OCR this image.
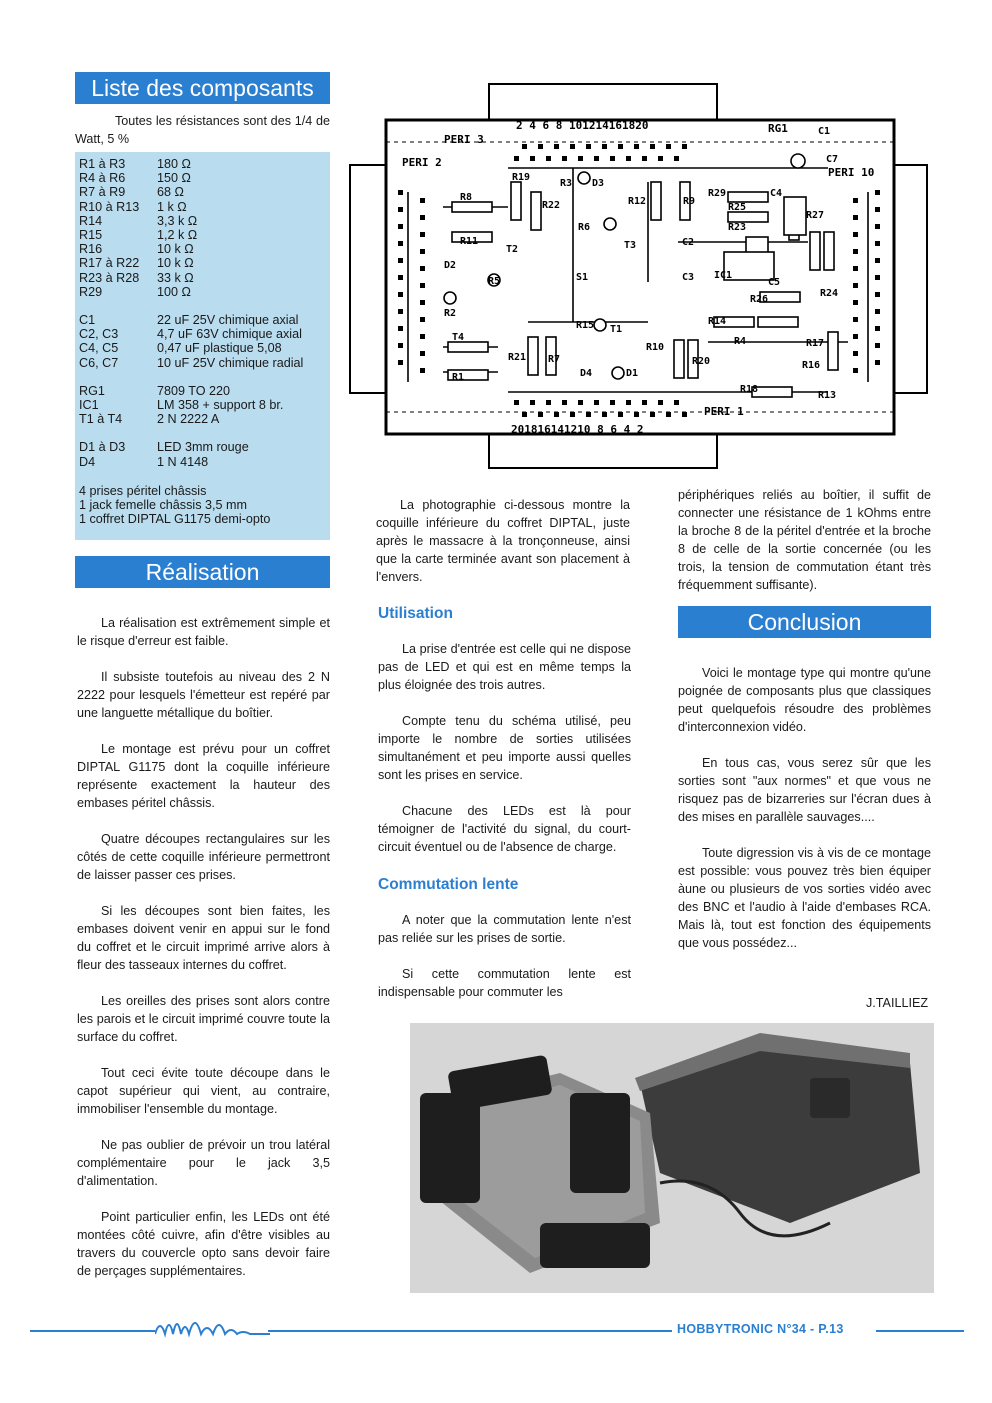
Liste des composants

Toutes les résistances sont des 1/4 de Watt, 5 %

R1 à R3	180 Ω
R4 à R6	150 Ω
R7 à R9	68 Ω
R10 à R13	1 k Ω
R14	3,3 k Ω
R15	1,2 k Ω
R16	10 k Ω
R17 à R22	10 k Ω
R23 à R28	33 k Ω
R29	100 Ω
C1	22 uF 25V chimique axial
C2, C3	4,7 uF 63V chimique axial
C4, C5	0,47 uF plastique 5,08
C6, C7	10 uF 25V chimique radial
RG1	7809 TO 220
IC1	LM 358 + support 8 br.
T1 à T4	2 N 2222 A
D1 à D3	LED 3mm rouge
D4	1 N 4148
4 prises péritel châssis
1 jack femelle châssis 3,5 mm
1 coffret DIPTAL G1175 demi-opto
Réalisation

La réalisation est extrêmement simple et le risque d'erreur est faible.

Il subsiste toutefois au niveau des 2 N 2222 pour lesquels l'émetteur est repéré par une languette métallique du boîtier.

Le montage est prévu pour un coffret DIPTAL G1175 dont la coquille inférieure représente exactement la hauteur des embases péritel châssis.

Quatre découpes rectangulaires sur les côtés de cette coquille inférieure permettront de laisser passer ces prises.

Si les découpes sont bien faites, les embases doivent venir en appui sur le fond du coffret et le circuit imprimé arrive alors à fleur des tasseaux internes du coffret.

Les oreilles des prises sont alors contre les parois et le circuit imprimé couvre toute la surface du coffret.

Tout ceci évite toute découpe dans le capot supérieur qui vient, au contraire, immobiliser l'ensemble du montage.

Ne pas oublier de prévoir un trou latéral complémentaire pour le jack 3,5 d'alimentation.

Point particulier enfin, les LEDs ont été montées côté cuivre, afin d'être visibles au travers du couvercle opto sans devoir faire de perçages supplémentaires.

PERI 3
PERI 2
PERI 10
PERI 1
RG1
2 4 6 8 101214161820
201816141210 8 6 4 2
R8
R19
R3 D3
R22	R12	R9
R29	C4
R25
R23
R27
R11
R6
T3	C2
T2
D2
R5	S1	C3 IC1
C5
R26
R24
R2
R14
R15 T1
R4
T4
R21 R7
R10
R20
R17
R16
D4	D1
R1
R18
R13
C1
C7

La photographie ci-dessous montre la coquille inférieure du coffret DIPTAL, juste après le massacre à la tronçonneuse, ainsi que la carte terminée avant son placement à l'envers.

Utilisation

La prise d'entrée est celle qui ne dispose pas de LED et qui est en même temps la plus éloignée des trois autres.

Compte tenu du schéma utilisé, peu importe le nombre de sorties utilisées simultanément et peu importe aussi quelles sont les prises en service.

Chacune des LEDs est là pour témoigner de l'activité du signal, du court-circuit éventuel ou de l'absence de charge.

Commutation lente

A noter que la commutation lente n'est pas reliée sur les prises de sortie.

Si cette commutation lente est indispensable pour commuter les

périphériques reliés au boîtier, il suffit de connecter une résistance de 1 kOhms entre la broche 8 de la péritel d'entrée et la broche 8 de celle de la sortie concernée (ou les trois, la tension de commutation étant très fréquemment suffisante).

Conclusion

Voici le montage type qui montre qu'une poignée de composants plus que classiques peut quelquefois résoudre des problèmes d'interconnexion vidéo.

En tous cas, vous serez sûr que les sorties sont "aux normes" et que vous ne risquez pas de bizarreries sur l'écran dues à des mises en parallèle sauvages....

Toute digression vis à vis de ce montage est possible: vous pouvez très bien équiper àune ou plusieurs de vos sorties vidéo avec des BNC et l'audio à l'aide d'embases RCA. Mais là, tout est fonction des équipements que vous possédez...

J.TAILLIEZ
HOBBYTRONIC N°34 - P.13
